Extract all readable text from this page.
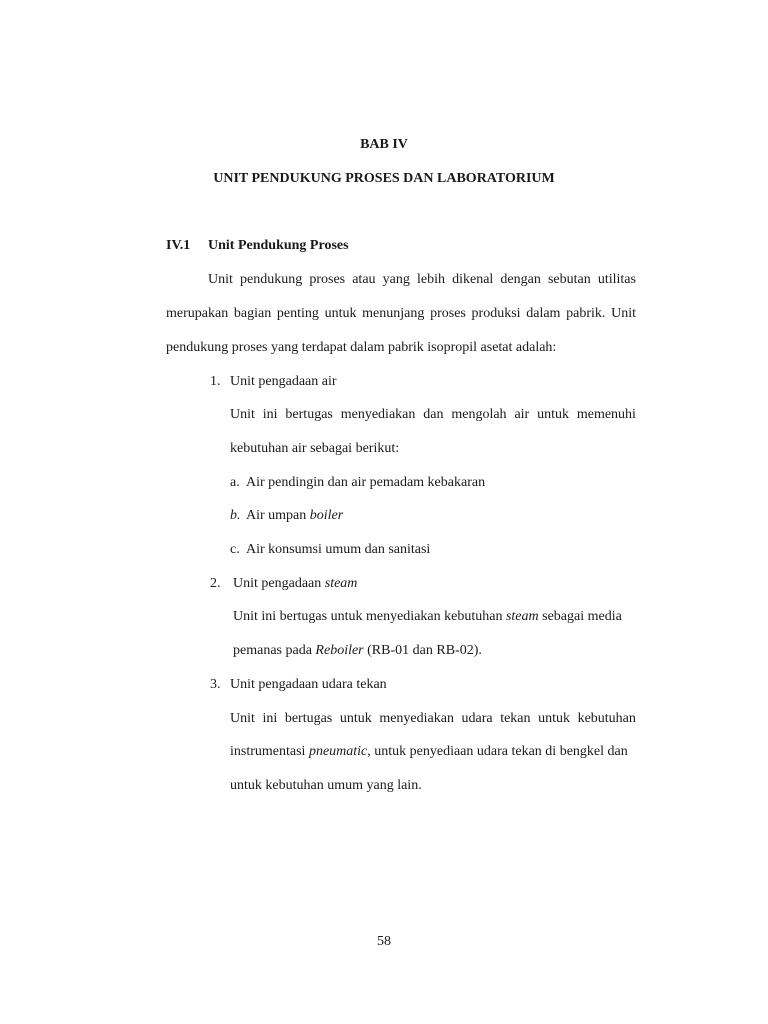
BAB IV
UNIT PENDUKUNG PROSES DAN LABORATORIUM
IV.1 Unit Pendukung Proses
Unit pendukung proses atau yang lebih dikenal dengan sebutan utilitas
merupakan bagian penting untuk menunjang proses produksi dalam pabrik. Unit
pendukung proses yang terdapat dalam pabrik isopropil asetat adalah:
1. Unit pengadaan air
Unit ini bertugas menyediakan dan mengolah air untuk memenuhi
kebutuhan air sebagai berikut:
a. Air pendingin dan air pemadam kebakaran
b. Air umpan boiler
c. Air konsumsi umum dan sanitasi
2. Unit pengadaan steam
Unit ini bertugas untuk menyediakan kebutuhan steam sebagai media
pemanas pada Reboiler (RB-01 dan RB-02).
3. Unit pengadaan udara tekan
Unit ini bertugas untuk menyediakan udara tekan untuk kebutuhan
instrumentasi pneumatic, untuk penyediaan udara tekan di bengkel dan
untuk kebutuhan umum yang lain.
58
